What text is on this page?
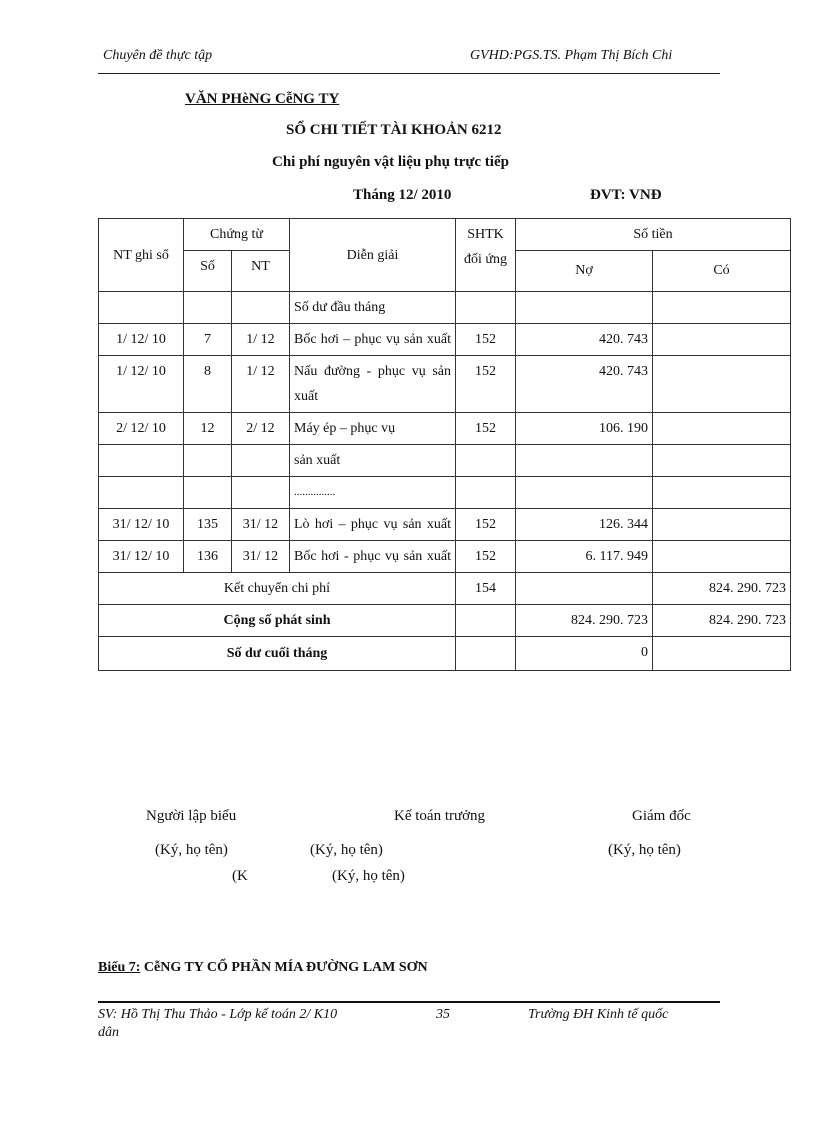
Chuyên đề thực tập	GVHD:PGS.TS. Phạm Thị Bích Chi
VĂN PHèNG CễNG TY
SỔ CHI TIẾT TÀI KHOẢN 6212
Chi phí nguyên vật liệu phụ trực tiếp
Tháng 12/ 2010	ĐVT: VNĐ
NT ghi sổ	Chứng từ		Diễn giải	SHTK đối ứng	Số tiền	
	Số	NT			Nợ	Có
			Số dư đầu tháng			
1/ 12/ 10	7	1/ 12	Bốc hơi – phục vụ sản xuất	152	420. 743	
1/ 12/ 10	8	1/ 12	Nấu đường - phục vụ sản xuất	152	420. 743	
2/ 12/ 10	12	2/ 12	Máy ép – phục vụ	152	106. 190	
			sản xuất			
			...............			
31/ 12/ 10	135	31/ 12	Lò hơi – phục vụ sản xuất	152	126. 344	
31/ 12/ 10	136	31/ 12	Bốc hơi - phục vụ sản xuất	152	6. 117. 949	
Kết chuyển chi phí				154		824. 290. 723
Cộng số phát sinh					824. 290. 723	824. 290. 723
Số dư cuối tháng					0	
Người lập biểu	Kế toán trưởng	Giám đốc
(Ký, họ tên)	(Ký, họ tên)	(Ký, họ tên)
(K	(Ký, họ tên)
Biểu 7: CễNG TY CỔ PHẦN MÍA ĐƯỜNG LAM SƠN
SV: Hồ Thị Thu Thảo - Lớp kế toán 2/ K10	35	Trường ĐH Kinh tế quốc
dân
